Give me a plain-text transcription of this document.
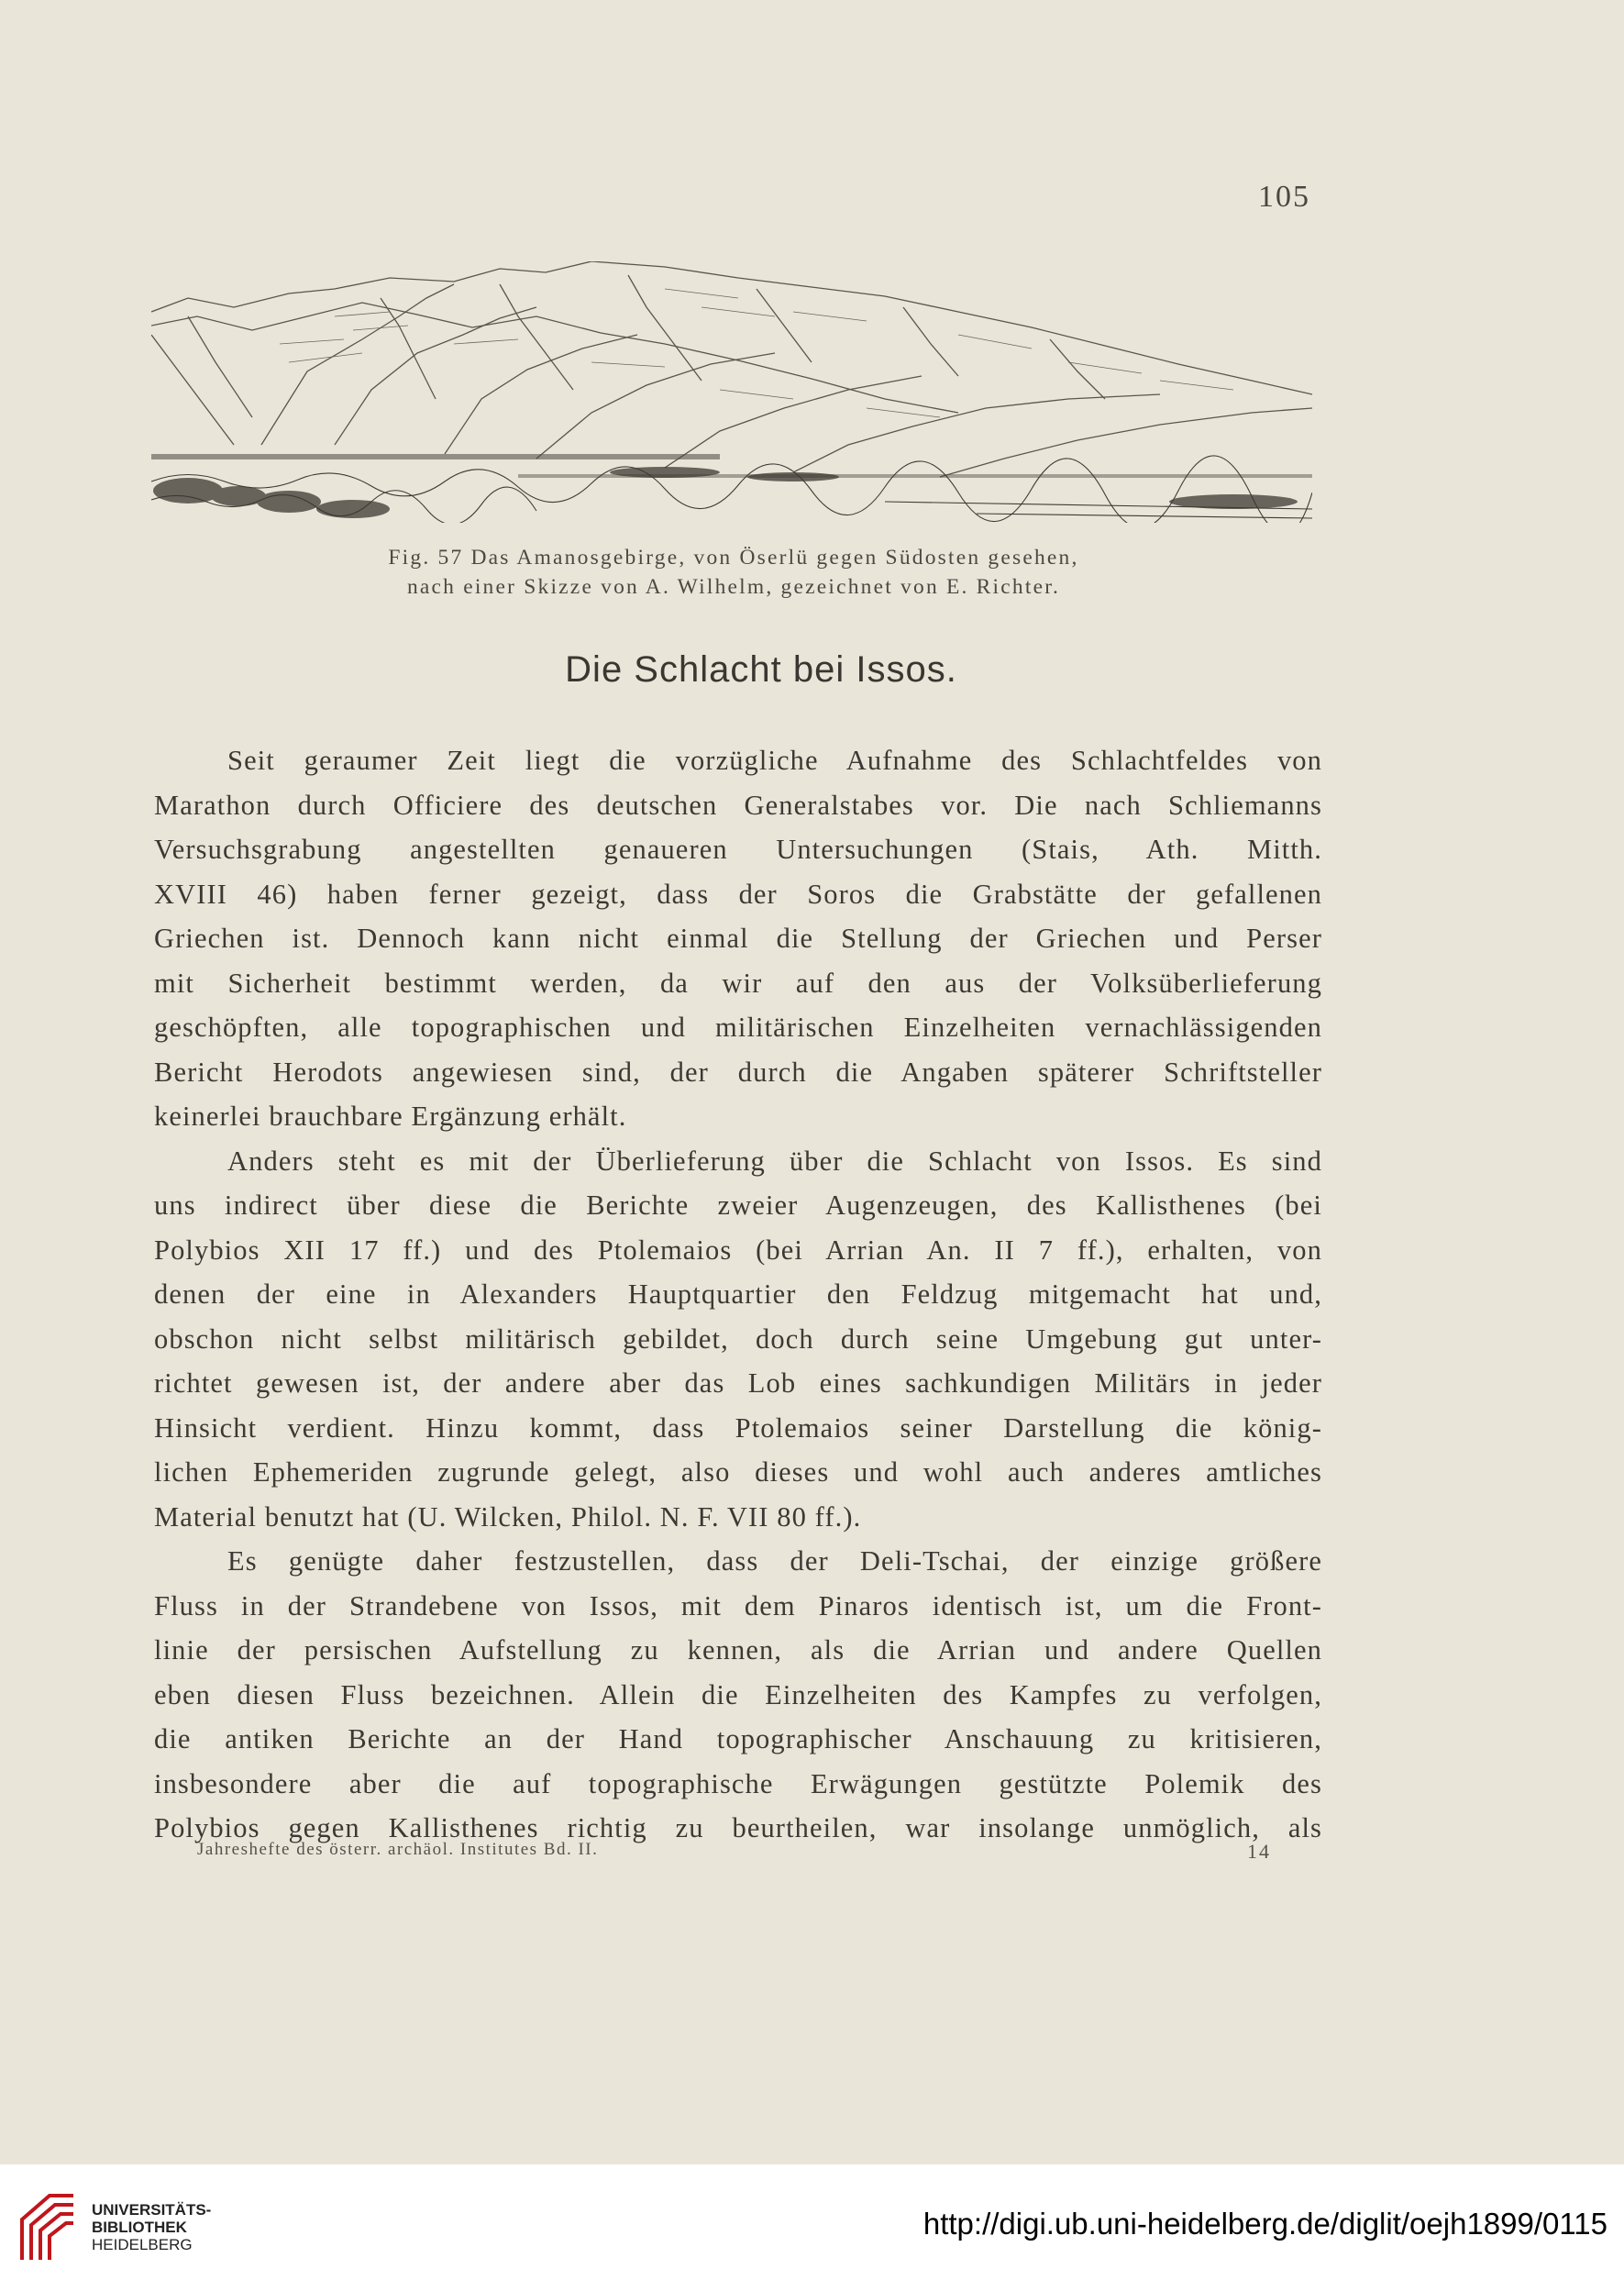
105
Fig. 57 Das Amanosgebirge, von Öserlü gegen Südosten gesehen,
nach einer Skizze von A. Wilhelm, gezeichnet von E. Richter.
Die Schlacht bei Issos.
Seit geraumer Zeit liegt die vorzügliche Aufnahme des Schlachtfeldes von
Marathon durch Officiere des deutschen Generalstabes vor. Die nach Schliemanns
Versuchsgrabung angestellten genaueren Untersuchungen (Stais, Ath. Mitth.
XVIII 46) haben ferner gezeigt, dass der Soros die Grabstätte der gefallenen
Griechen ist. Dennoch kann nicht einmal die Stellung der Griechen und Perser
mit Sicherheit bestimmt werden, da wir auf den aus der Volksüberlieferung
geschöpften, alle topographischen und militärischen Einzelheiten vernachlässigenden
Bericht Herodots angewiesen sind, der durch die Angaben späterer Schriftsteller
keinerlei brauchbare Ergänzung erhält.
Anders steht es mit der Überlieferung über die Schlacht von Issos. Es sind
uns indirect über diese die Berichte zweier Augenzeugen, des Kallisthenes (bei
Polybios XII 17 ff.) und des Ptolemaios (bei Arrian An. II 7 ff.), erhalten, von
denen der eine in Alexanders Hauptquartier den Feldzug mitgemacht hat und,
obschon nicht selbst militärisch gebildet, doch durch seine Umgebung gut unter-
richtet gewesen ist, der andere aber das Lob eines sachkundigen Militärs in jeder
Hinsicht verdient. Hinzu kommt, dass Ptolemaios seiner Darstellung die könig-
lichen Ephemeriden zugrunde gelegt, also dieses und wohl auch anderes amtliches
Material benutzt hat (U. Wilcken, Philol. N. F. VII 80 ff.).
Es genügte daher festzustellen, dass der Deli-Tschai, der einzige größere
Fluss in der Strandebene von Issos, mit dem Pinaros identisch ist, um die Front-
linie der persischen Aufstellung zu kennen, als die Arrian und andere Quellen
eben diesen Fluss bezeichnen. Allein die Einzelheiten des Kampfes zu verfolgen,
die antiken Berichte an der Hand topographischer Anschauung zu kritisieren,
insbesondere aber die auf topographische Erwägungen gestützte Polemik des
Polybios gegen Kallisthenes richtig zu beurtheilen, war insolange unmöglich, als
Jahreshefte des österr. archäol. Institutes Bd. II.	14
UNIVERSITÄTS-
BIBLIOTHEK
HEIDELBERG
http://digi.ub.uni-heidelberg.de/diglit/oejh1899/0115
